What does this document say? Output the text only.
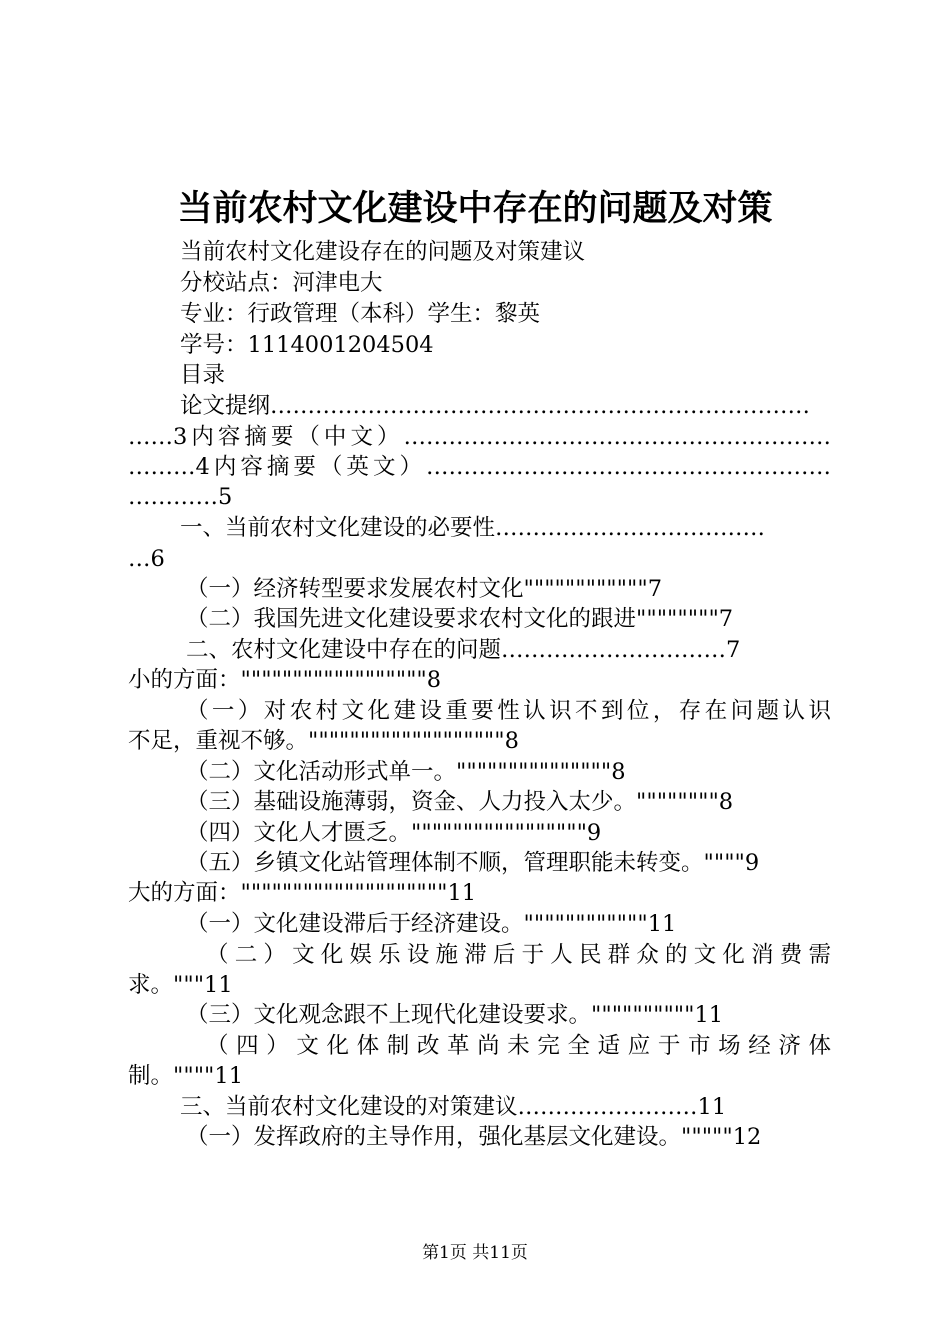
当前农村文化建设中存在的问题及对策
当前农村文化建设存在的问题及对策建议
分校站点：河津电大
专业：行政管理（本科）学生：黎英
学号：1114001204504
目录
论文提纲………………………………………………………………
……3内容摘要（中文）…………………………………………………
………4内容摘要（英文）………………………………………………
…………5
一、当前农村文化建设的必要性………………………………
…6
（一）经济转型要求发展农村文化""""""""""""7
（二）我国先进文化建设要求农村文化的跟进""""""""7
二、农村文化建设中存在的问题…………………………7
小的方面：""""""""""""""""""8
（一）对农村文化建设重要性认识不到位，存在问题认识
不足，重视不够。"""""""""""""""""""8
（二）文化活动形式单一。"""""""""""""""8
（三）基础设施薄弱，资金、人力投入太少。""""""""8
（四）文化人才匮乏。"""""""""""""""""9
（五）乡镇文化站管理体制不顺，管理职能未转变。""""9
大的方面：""""""""""""""""""""11
（一）文化建设滞后于经济建设。""""""""""""11
（二）文化娱乐设施滞后于人民群众的文化消费需
求。"""11
（三）文化观念跟不上现代化建设要求。""""""""""11
（四）文化体制改革尚未完全适应于市场经济体
制。""""11
三、当前农村文化建设的对策建议……………………11
（一）发挥政府的主导作用，强化基层文化建设。"""""12
第1页 共11页
